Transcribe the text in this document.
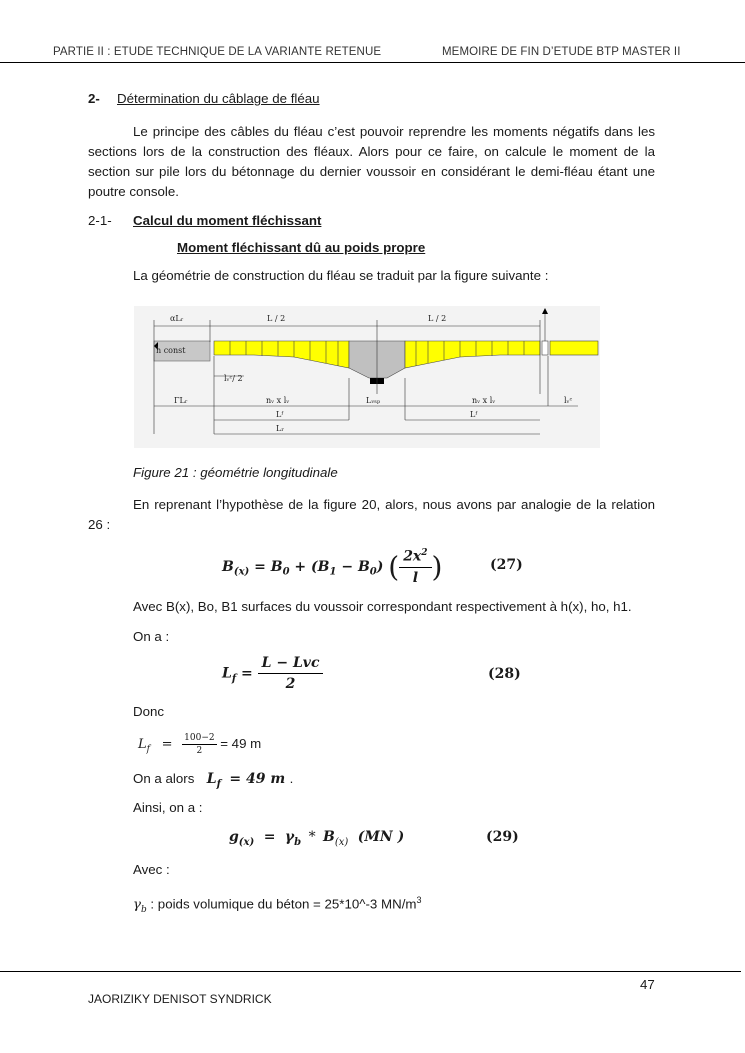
PARTIE II : ETUDE TECHNIQUE DE LA VARIANTE RETENUE	MEMOIRE DE FIN D’ETUDE BTP MASTER II
2- Détermination du câblage de fléau
Le principe des câbles du fléau c’est pouvoir reprendre les moments négatifs dans les sections lors de la construction des fléaux. Alors pour ce faire, on calcule le moment de la section sur pile lors du bétonnage du dernier voussoir en considérant le demi-fléau étant une poutre console.
2-1- Calcul du moment fléchissant
Moment fléchissant dû au poids propre
La géométrie de construction du fléau se traduit par la figure suivante :
αLᵣ	L / 2	L / 2
h const
lᵥᶜ/ 2
ΓLᵣ	nᵥ x lᵥ	Lᵥₛₚ	nᵥ x lᵥ	lᵥᶜ
Lᶠ	Lᶠ
Lᵣ
Figure 21 : géométrie longitudinale
En reprenant l’hypothèse de la figure 20, alors, nous avons par analogie de la relation 26 :
$B_{(x)} = B_0 + (B_1 - B_0)$ ( $\frac{2x^2}{l}$ )	(27)
Avec B(x), Bo, B1 surfaces du voussoir correspondant respectivement à h(x), ho, h1.
On a :
$L_f = \frac{\text{L − Lvc}}{2}$	(28)
Donc
$L_f = \frac{100-2}{2} = 49$ m
On a alors $L_f = 49$ m .
Ainsi, on a :
$g_{(x)} = \gamma_b * B_{(x)}$ (MN )	(29)
Avec :
$\gamma_b$ : poids volumique du béton = 25*10^-3 $MN/m^3$
47
JAORIZIKY DENISOT SYNDRICK
